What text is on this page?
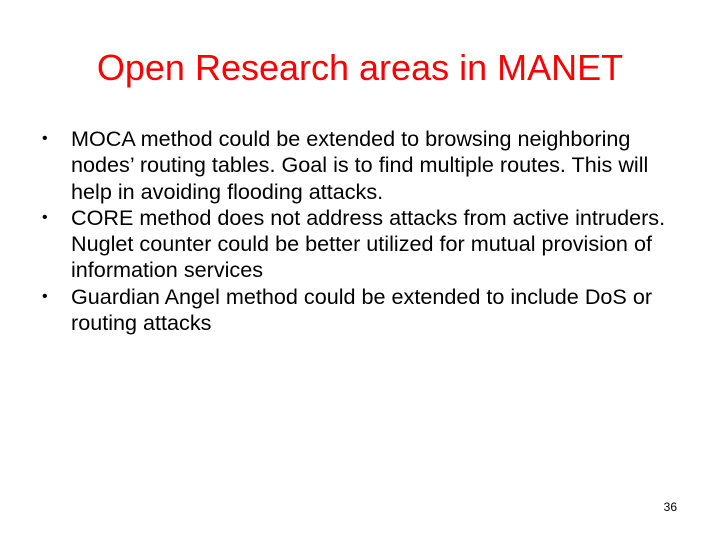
Open Research areas in MANET
• MOCA method could be extended to browsing neighboring nodes’ routing tables. Goal is to find multiple routes. This will help in avoiding flooding attacks.
• CORE method does not address attacks from active intruders. Nuglet counter could be better utilized for mutual provision of information services
• Guardian Angel method could be extended to include DoS or routing attacks
36
